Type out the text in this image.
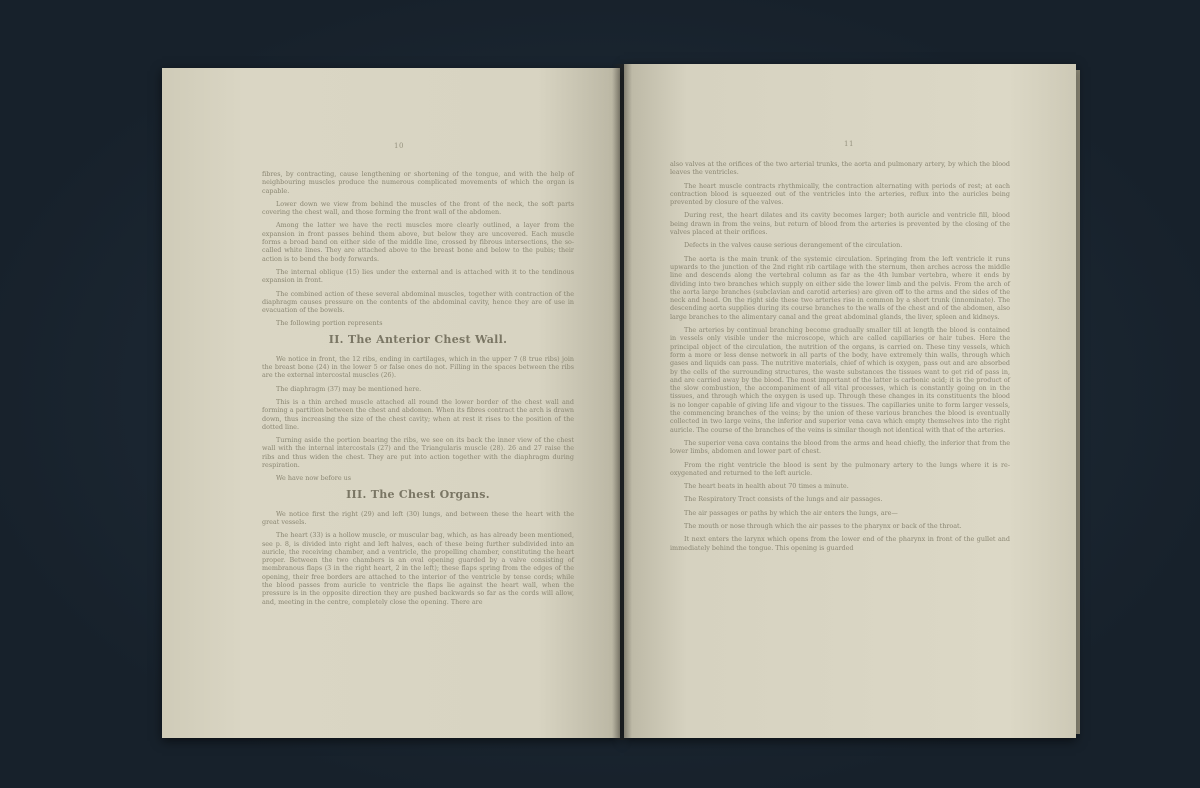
10

fibres, by contracting, cause lengthening or shortening of the tongue, and with the help of neighbouring muscles produce the numerous complicated movements of which the organ is capable.

Lower down we view from behind the muscles of the front of the neck, the soft parts covering the chest wall, and those forming the front wall of the abdomen.

Among the latter we have the recti muscles more clearly outlined, a layer from the expansion in front passes behind them above, but below they are uncovered. Each muscle forms a broad band on either side of the middle line, crossed by fibrous intersections, the so-called white lines. They are attached above to the breast bone and below to the pubis; their action is to bend the body forwards.

The internal oblique (15) lies under the external and is attached with it to the tendinous expansion in front.

The combined action of these several abdominal muscles, together with contraction of the diaphragm causes pressure on the contents of the abdominal cavity, hence they are of use in evacuation of the bowels.

The following portion represents

II. The Anterior Chest Wall.

We notice in front, the 12 ribs, ending in cartilages, which in the upper 7 (8 true ribs) join the breast bone (24) in the lower 5 or false ones do not. Filling in the spaces between the ribs are the external intercostal muscles (26).

The diaphragm (37) may be mentioned here.

This is a thin arched muscle attached all round the lower border of the chest wall and forming a partition between the chest and abdomen. When its fibres contract the arch is drawn down, thus increasing the size of the chest cavity; when at rest it rises to the position of the dotted line.

Turning aside the portion bearing the ribs, we see on its back the inner view of the chest wall with the internal intercostals (27) and the Triangularis muscle (28). 26 and 27 raise the ribs and thus widen the chest. They are put into action together with the diaphragm during respiration.

We have now before us

III. The Chest Organs.

We notice first the right (29) and left (30) lungs, and between these the heart with the great vessels.

The heart (33) is a hollow muscle, or muscular bag, which, as has already been mentioned, see p. 8, is divided into right and left halves, each of these being further subdivided into an auricle, the receiving chamber, and a ventricle, the propelling chamber, constituting the heart proper. Between the two chambers is an oval opening guarded by a valve consisting of membranous flaps (3 in the right heart, 2 in the left); these flaps spring from the edges of the opening, their free borders are attached to the interior of the ventricle by tense cords; while the blood passes from auricle to ventricle the flaps lie against the heart wall, when the pressure is in the opposite direction they are pushed backwards so far as the cords will allow, and, meeting in the centre, completely close the opening. There are

11

also valves at the orifices of the two arterial trunks, the aorta and pulmonary artery, by which the blood leaves the ventricles.

The heart muscle contracts rhythmically, the contraction alternating with periods of rest; at each contraction blood is squeezed out of the ventricles into the arteries, reflux into the auricles being prevented by closure of the valves.

During rest, the heart dilates and its cavity becomes larger; both auricle and ventricle fill, blood being drawn in from the veins, but return of blood from the arteries is prevented by the closing of the valves placed at their orifices.

Defects in the valves cause serious derangement of the circulation.

The aorta is the main trunk of the systemic circulation. Springing from the left ventricle it runs upwards to the junction of the 2nd right rib cartilage with the sternum, then arches across the middle line and descends along the vertebral column as far as the 4th lumbar vertebra, where it ends by dividing into two branches which supply on either side the lower limb and the pelvis. From the arch of the aorta large branches (subclavian and carotid arteries) are given off to the arms and the sides of the neck and head. On the right side these two arteries rise in common by a short trunk (innominate). The descending aorta supplies during its course branches to the walls of the chest and of the abdomen, also large branches to the alimentary canal and the great abdominal glands, the liver, spleen and kidneys.

The arteries by continual branching become gradually smaller till at length the blood is contained in vessels only visible under the microscope, which are called capillaries or hair tubes. Here the principal object of the circulation, the nutrition of the organs, is carried on. These tiny vessels, which form a more or less dense network in all parts of the body, have extremely thin walls, through which gases and liquids can pass. The nutritive materials, chief of which is oxygen, pass out and are absorbed by the cells of the surrounding structures, the waste substances the tissues want to get rid of pass in, and are carried away by the blood. The most important of the latter is carbonic acid; it is the product of the slow combustion, the accompaniment of all vital processes, which is constantly going on in the tissues, and through which the oxygen is used up. Through these changes in its constituents the blood is no longer capable of giving life and vigour to the tissues. The capillaries unite to form larger vessels, the commencing branches of the veins; by the union of these various branches the blood is eventually collected in two large veins, the inferior and superior vena cava which empty themselves into the right auricle. The course of the branches of the veins is similar though not identical with that of the arteries.

The superior vena cava contains the blood from the arms and head chiefly, the inferior that from the lower limbs, abdomen and lower part of chest.

From the right ventricle the blood is sent by the pulmonary artery to the lungs where it is re-oxygenated and returned to the left auricle.

The heart beats in health about 70 times a minute.

The Respiratory Tract consists of the lungs and air passages.

The air passages or paths by which the air enters the lungs, are—

The mouth or nose through which the air passes to the pharynx or back of the throat.

It next enters the larynx which opens from the lower end of the pharynx in front of the gullet and immediately behind the tongue. This opening is guarded
